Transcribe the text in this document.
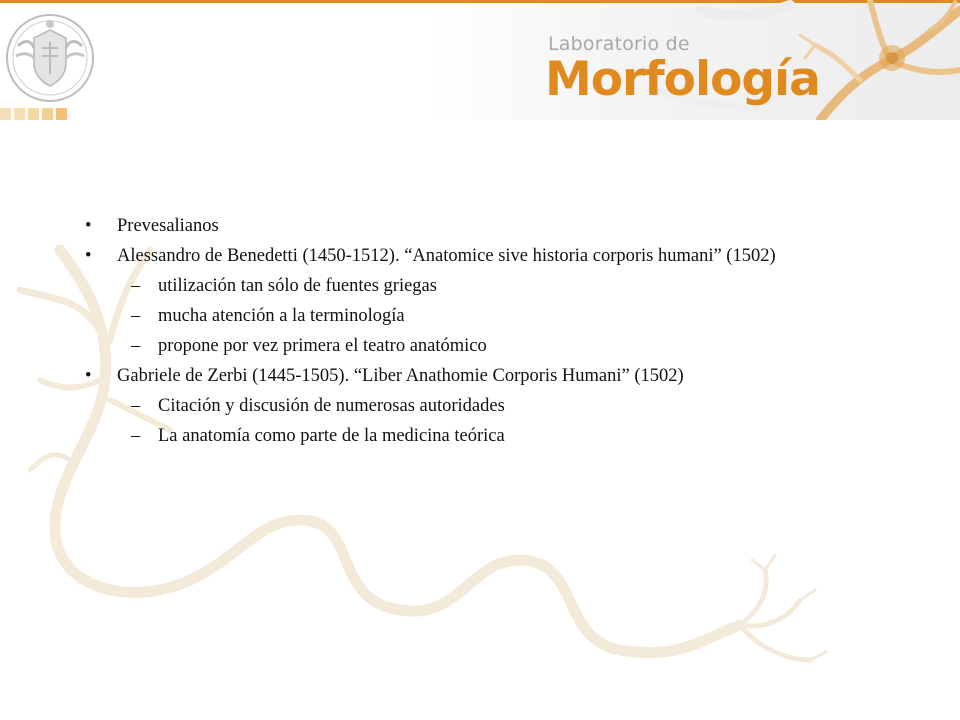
Laboratorio de
Morfología
• Prevesalianos
• Alessandro de Benedetti (1450-1512). “Anatomice sive historia corporis humani” (1502)
– utilización tan sólo de fuentes griegas
– mucha atención a la terminología
– propone por vez primera el teatro anatómico
• Gabriele de Zerbi (1445-1505). “Liber Anathomie Corporis Humani” (1502)
– Citación y discusión de numerosas autoridades
– La anatomía como parte de la medicina teórica
